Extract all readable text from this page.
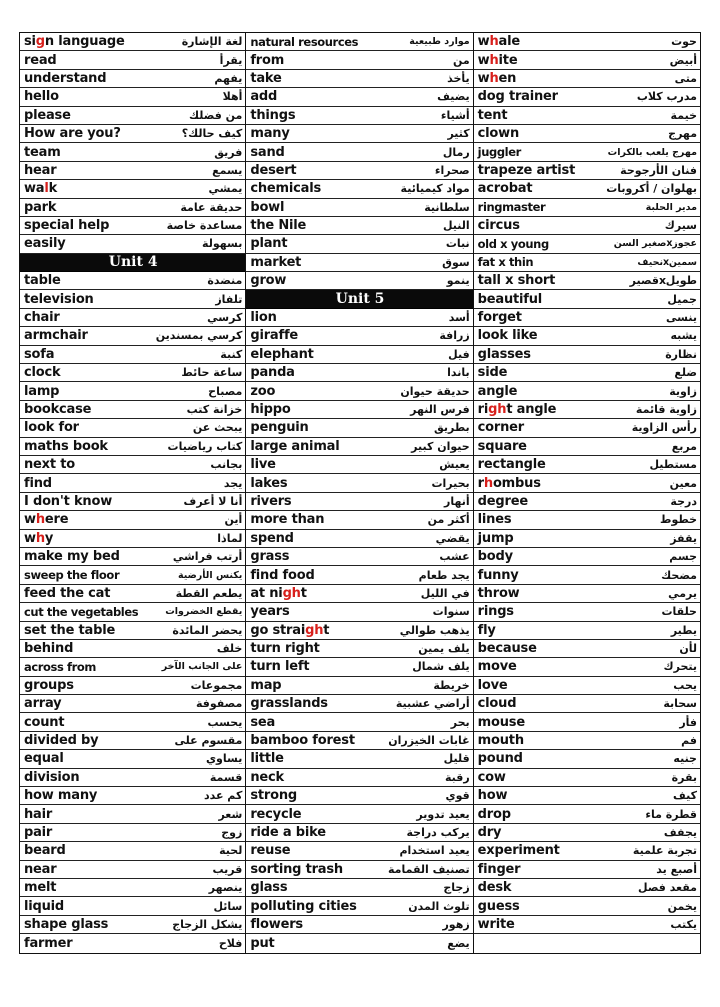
sign language	لغة الإشارة
read	يقرأ
understand	يفهم
hello	أهلا
please	من فضلك
How are you?	كيف حالك؟
team	فريق
hear	يسمع
walk	يمشي
park	حديقة عامة
special help	مساعدة خاصة
easily	بسهولة
Unit 4
table	منضدة
television	تلفاز
chair	كرسي
armchair	كرسي بمسندين
sofa	كنبة
clock	ساعة حائط
lamp	مصباح
bookcase	خزانة كتب
look for	يبحث عن
maths book	كتاب رياضيات
next to	بجانب
find	يجد
I don't know	أنا لا أعرف
where	أين
why	لماذا
make my bed	أرتب فراشي
sweep the floor	يكنس الأرضية
feed the cat	يطعم القطة
cut the vegetables	يقطع الخضروات
set the table	يحضر المائدة
behind	خلف
across from	على الجانب الآخر
groups	مجموعات
array	مصفوفة
count	يحسب
divided by	مقسوم على
equal	يساوي
division	قسمة
how many	كم عدد
hair	شعر
pair	زوج
beard	لحية
near	قريب
melt	ينصهر
liquid	سائل
shape glass	يشكل الزجاج
farmer	فلاح
natural resources	موارد طبيعية
from	من
take	يأخذ
add	يضيف
things	أشياء
many	كثير
sand	رمال
desert	صحراء
chemicals	مواد كيميائية
bowl	سلطانية
the Nile	النيل
plant	نبات
market	سوق
grow	ينمو
Unit 5
lion	أسد
giraffe	زرافة
elephant	فيل
panda	باندا
zoo	حديقة حيوان
hippo	فرس النهر
penguin	بطريق
large animal	حيوان كبير
live	يعيش
lakes	بحيرات
rivers	أنهار
more than	أكثر من
spend	يقضي
grass	عشب
find food	يجد طعام
at night	في الليل
years	سنوات
go straight	يذهب طوالي
turn right	يلف يمين
turn left	يلف شمال
map	خريطة
grasslands	أراضي عشبية
sea	بحر
bamboo forest	غابات الخيزران
little	قليل
neck	رقبة
strong	قوي
recycle	يعيد تدوير
ride a bike	يركب دراجة
reuse	يعيد استخدام
sorting trash	تصنيف القمامة
glass	زجاج
polluting cities	تلوث المدن
flowers	زهور
put	يضع
whale	حوت
white	أبيض
when	متى
dog trainer	مدرب كلاب
tent	خيمة
clown	مهرج
juggler	مهرج يلعب بالكرات
trapeze artist	فنان الأرجوحة
acrobat	بهلوان / أكروبات
ringmaster	مدير الحلبة
circus	سيرك
old x young	عجوزxصغير السن
fat x thin	سمينxنحيف
tall x short	طويلxقصير
beautiful	جميل
forget	ينسى
look like	يشبه
glasses	نظارة
side	ضلع
angle	زاوية
right angle	زاوية قائمة
corner	رأس الزاوية
square	مربع
rectangle	مستطيل
rhombus	معين
degree	درجة
lines	خطوط
jump	يقفز
body	جسم
funny	مضحك
throw	يرمي
rings	حلقات
fly	يطير
because	لأن
move	يتحرك
love	يحب
cloud	سحابة
mouse	فأر
mouth	فم
pound	جنيه
cow	بقرة
how	كيف
drop	قطرة ماء
dry	يجفف
experiment	تجربة علمية
finger	أصبع يد
desk	مقعد فصل
guess	يخمن
write	يكتب
